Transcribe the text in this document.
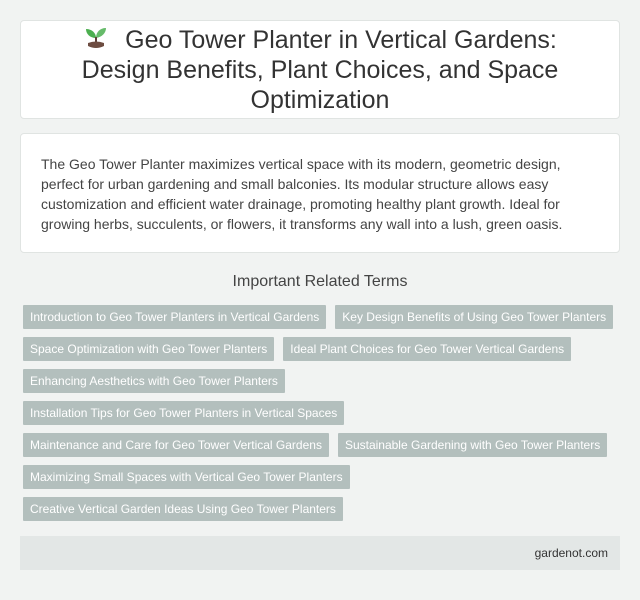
Geo Tower Planter in Vertical Gardens: Design Benefits, Plant Choices, and Space Optimization

The Geo Tower Planter maximizes vertical space with its modern, geometric design, perfect for urban gardening and small balconies. Its modular structure allows easy customization and efficient water drainage, promoting healthy plant growth. Ideal for growing herbs, succulents, or flowers, it transforms any wall into a lush, green oasis.

Important Related Terms
Introduction to Geo Tower Planters in Vertical Gardens	Key Design Benefits of Using Geo Tower Planters
Space Optimization with Geo Tower Planters	Ideal Plant Choices for Geo Tower Vertical Gardens
Enhancing Aesthetics with Geo Tower Planters
Installation Tips for Geo Tower Planters in Vertical Spaces
Maintenance and Care for Geo Tower Vertical Gardens	Sustainable Gardening with Geo Tower Planters
Maximizing Small Spaces with Vertical Geo Tower Planters
Creative Vertical Garden Ideas Using Geo Tower Planters
gardenot.com
